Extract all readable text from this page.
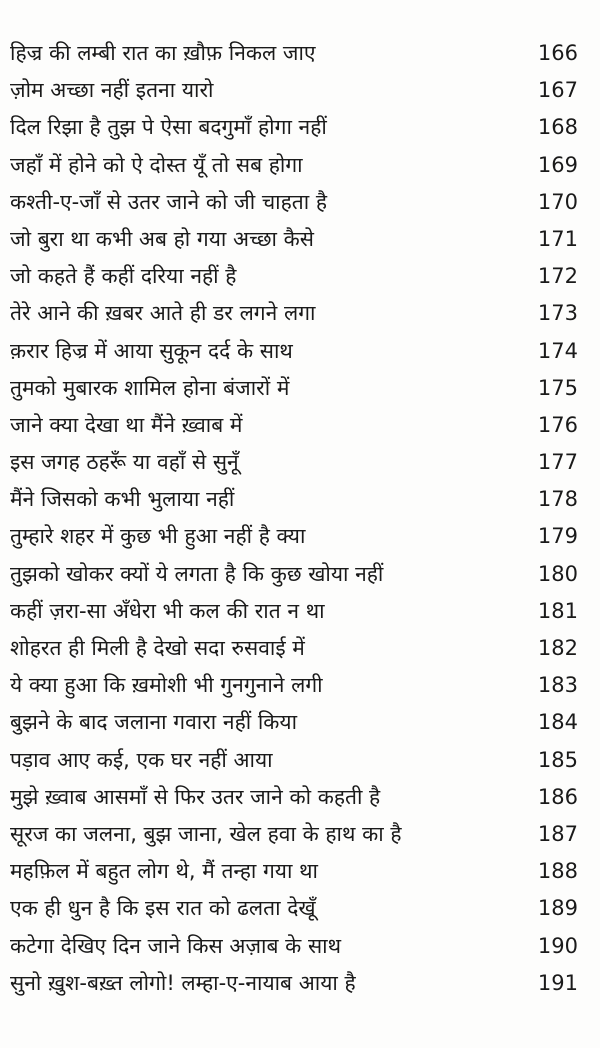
हिज्र की लम्बी रात का ख़ौफ़ निकल जाए	166
ज़ोम अच्छा नहीं इतना यारो	167
दिल रिझा है तुझ पे ऐसा बदगुमाँ होगा नहीं	168
जहाँ में होने को ऐ दोस्त यूँ तो सब होगा	169
कश्ती-ए-जाँ से उतर जाने को जी चाहता है	170
जो बुरा था कभी अब हो गया अच्छा कैसे	171
जो कहते हैं कहीं दरिया नहीं है	172
तेरे आने की ख़बर आते ही डर लगने लगा	173
क़रार हिज्र में आया सुकून दर्द के साथ	174
तुमको मुबारक शामिल होना बंजारों में	175
जाने क्या देखा था मैंने ख़्वाब में	176
इस जगह ठहरूँ या वहाँ से सुनूँ	177
मैंने जिसको कभी भुलाया नहीं	178
तुम्हारे शहर में कुछ भी हुआ नहीं है क्या	179
तुझको खोकर क्यों ये लगता है कि कुछ खोया नहीं	180
कहीं ज़रा-सा अँधेरा भी कल की रात न था	181
शोहरत ही मिली है देखो सदा रुसवाई में	182
ये क्या हुआ कि ख़मोशी भी गुनगुनाने लगी	183
बुझने के बाद जलाना गवारा नहीं किया	184
पड़ाव आए कई, एक घर नहीं आया	185
मुझे ख़्वाब आसमाँ से फिर उतर जाने को कहती है	186
सूरज का जलना, बुझ जाना, खेल हवा के हाथ का है	187
महफ़िल में बहुत लोग थे, मैं तन्हा गया था	188
एक ही धुन है कि इस रात को ढलता देखूँ	189
कटेगा देखिए दिन जाने किस अज़ाब के साथ	190
सुनो ख़ुश-बख़्त लोगो! लम्हा-ए-नायाब आया है	191
